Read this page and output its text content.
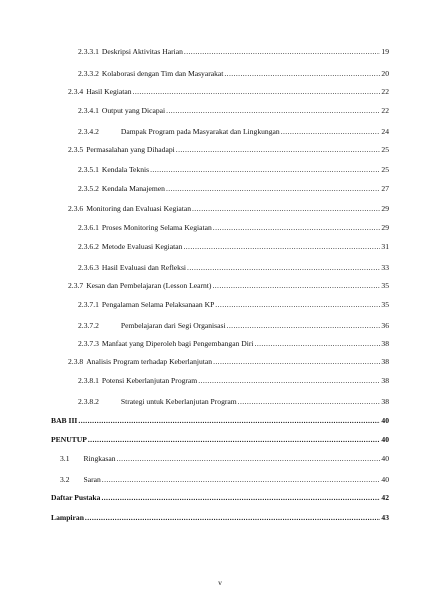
2.3.3.1 Deskripsi Aktivitas Harian .....	19
2.3.3.2 Kolaborasi dengan Tim dan Masyarakat .....	20
2.3.4 Hasil Kegiatan .....	22
2.3.4.1 Output yang Dicapai .....	22
2.3.4.2	Dampak Program pada Masyarakat dan Lingkungan .....	24
2.3.5 Permasalahan yang Dihadapi .....	25
2.3.5.1 Kendala Teknis .....	25
2.3.5.2 Kendala Manajemen .....	27
2.3.6 Monitoring dan Evaluasi Kegiatan .....	29
2.3.6.1 Proses Monitoring Selama Kegiatan .....	29
2.3.6.2 Metode Evaluasi Kegiatan .....	31
2.3.6.3 Hasil Evaluasi dan Refleksi .....	33
2.3.7 Kesan dan Pembelajaran (Lesson Learnt) .....	35
2.3.7.1 Pengalaman Selama Pelaksanaan KP .....	35
2.3.7.2	Pembelajaran dari Segi Organisasi .....	36
2.3.7.3 Manfaat yang Diperoleh bagi Pengembangan Diri .....	38
2.3.8 Analisis Program terhadap Keberlanjutan .....	38
2.3.8.1 Potensi Keberlanjutan Program .....	38
2.3.8.2	Strategi untuk Keberlanjutan Program .....	38
BAB III .....	40
PENUTUP .....	40
3.1 Ringkasan .....	40
3.2 Saran .....	40
Daftar Pustaka .....	42
Lampiran .....	43
v
